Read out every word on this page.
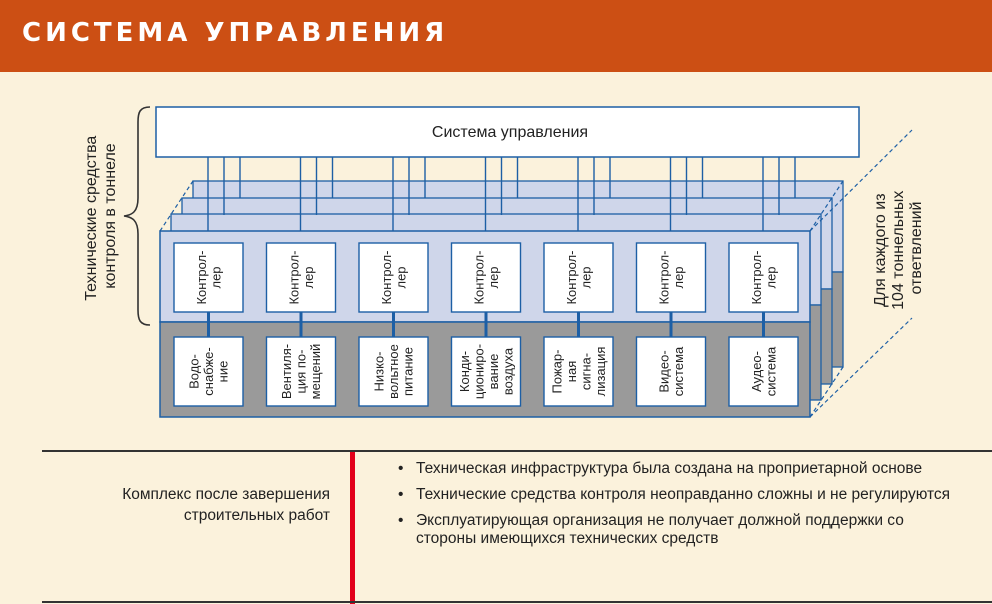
СИСТЕМА УПРАВЛЕНИЯ
Система управления
Контрол-лер
Водо-снабже-ние
Контрол-лер
Вентиля-ция по-мещений
Контрол-лер
Низко-вольтноепитание
Контрол-лер
Конди-циониро-ваниевоздуха
Контрол-лер
Пожар-наясигна-лизация
Контрол-лер
Видео-система
Контрол-лер
Аудео-система
Технические средства контроля в тоннеле	Для каждого из 104 тоннельных ответвлений
Комплекс после завершения строительных работ
• Техническая инфраструктура была создана на проприетарной основе
• Технические средства контроля неоправданно сложны и не регулируются
• Эксплуатирующая организация не получает должной поддержки со стороны имеющихся технических средств
